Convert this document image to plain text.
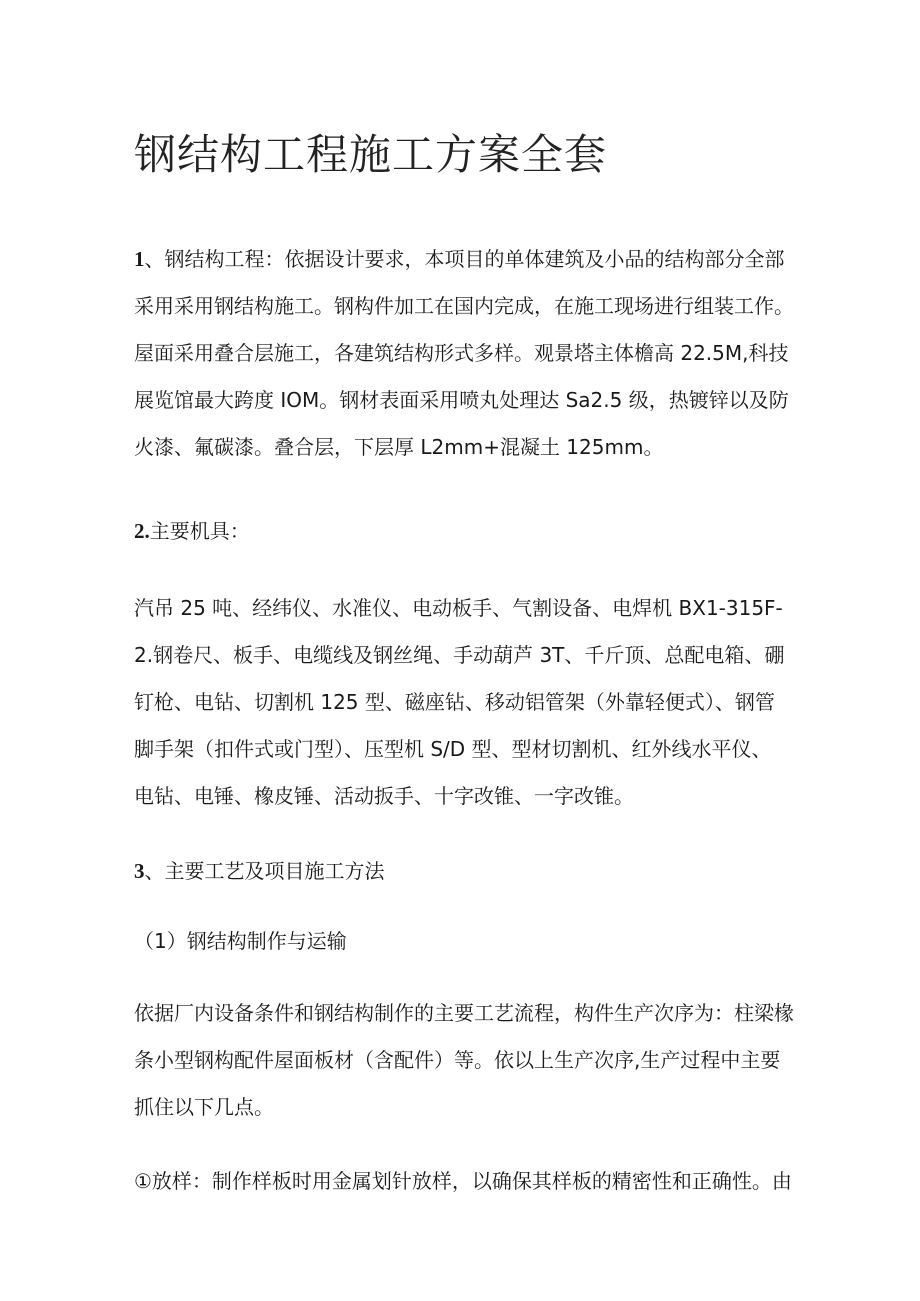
钢结构工程施工方案全套
1、钢结构工程：依据设计要求，本项目的单体建筑及小品的结构部分全部
采用采用钢结构施工。钢构件加工在国内完成，在施工现场进行组装工作。
屋面采用叠合层施工，各建筑结构形式多样。观景塔主体檐高 22.5M,科技
展览馆最大跨度 IOM。钢材表面采用喷丸处理达 Sa2.5 级，热镀锌以及防
火漆、氟碳漆。叠合层，下层厚 L2mm+混凝土 125mm。
2.主要机具：
汽吊 25 吨、经纬仪、水准仪、电动板手、气割设备、电焊机 BX1-315F-
2.钢卷尺、板手、电缆线及钢丝绳、手动葫芦 3T、千斤顶、总配电箱、硼
钉枪、电钻、切割机 125 型、磁座钻、移动铝管架（外靠轻便式）、钢管
脚手架（扣件式或门型）、压型机 S/D 型、型材切割机、红外线水平仪、
电钻、电锤、橡皮锤、活动扳手、十字改锥、一字改锥。
3、主要工艺及项目施工方法
（1）钢结构制作与运输
依据厂内设备条件和钢结构制作的主要工艺流程，构件生产次序为：柱梁椽
条小型钢构配件屋面板材（含配件）等。依以上生产次序,生产过程中主要
抓住以下几点。
①放样：制作样板时用金属划针放样，以确保其样板的精密性和正确性。由
